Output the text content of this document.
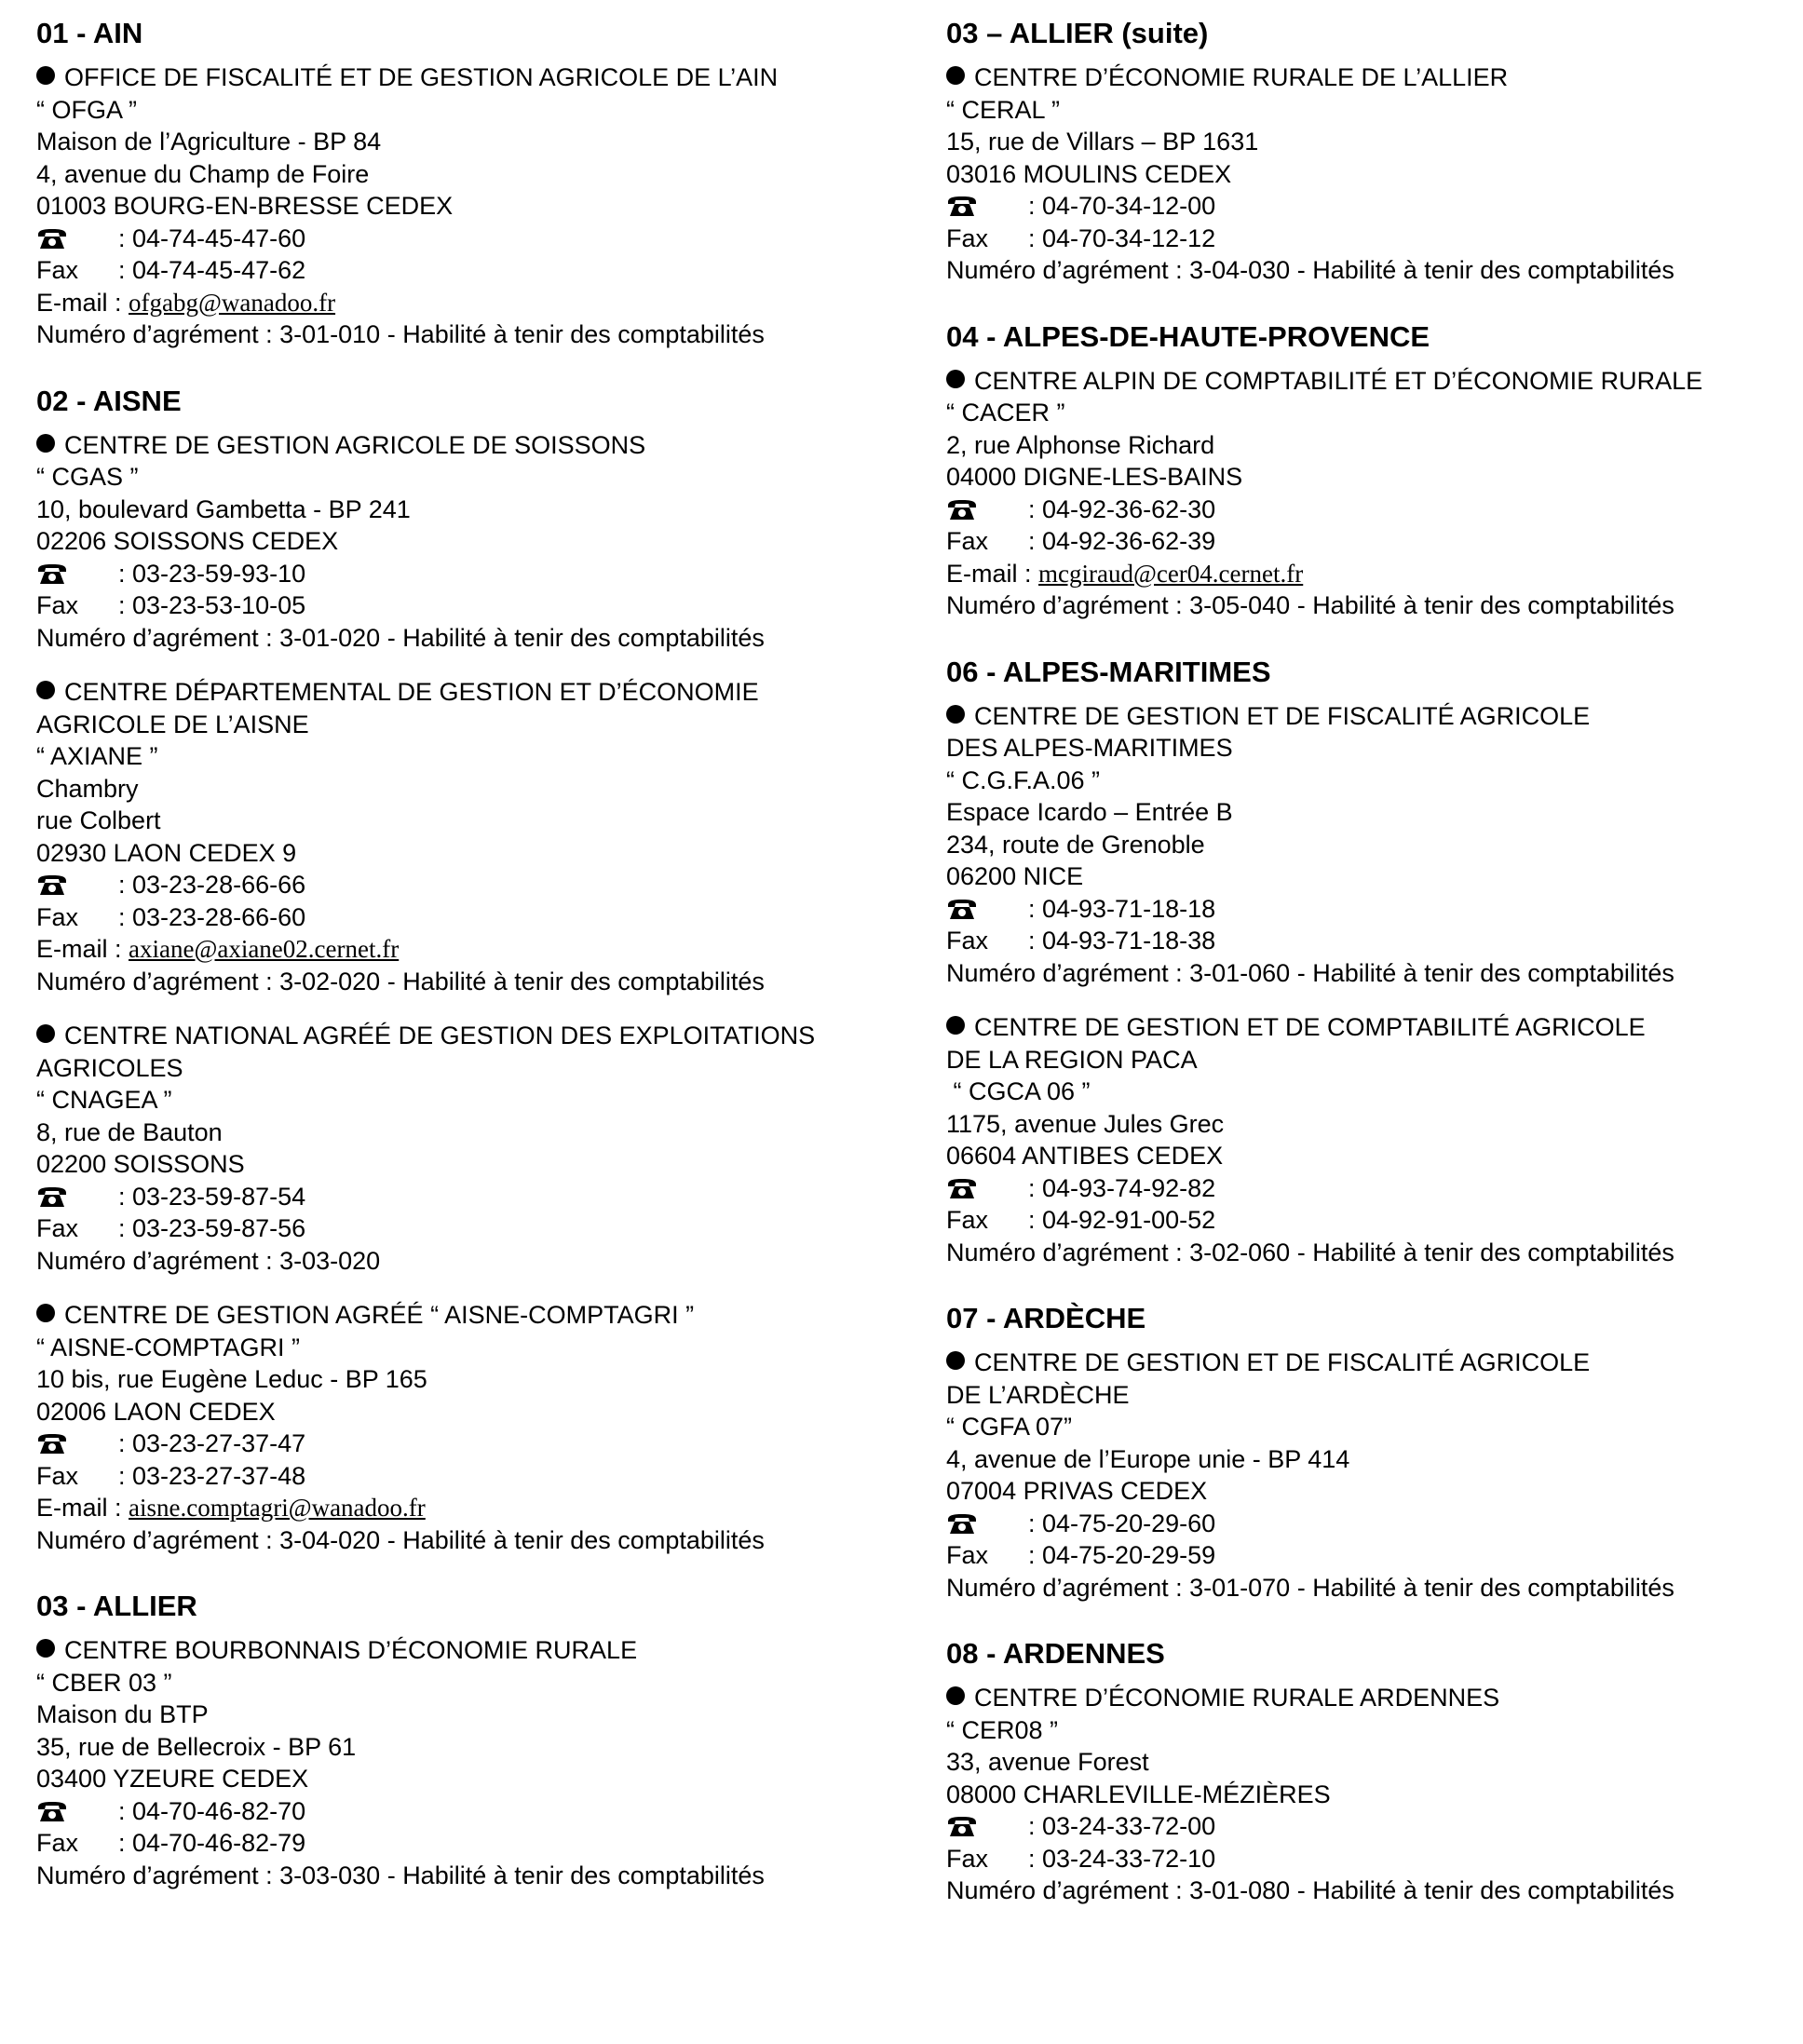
01 - AIN
OFFICE DE FISCALITÉ ET DE GESTION AGRICOLE DE L’AIN
“ OFGA ”
Maison de l’Agriculture - BP 84
4, avenue du Champ de Foire
01003 BOURG-EN-BRESSE CEDEX
: 04-74-45-47-60
Fax : 04-74-45-47-62
E-mail : ofgabg@wanadoo.fr
Numéro d’agrément : 3-01-010 - Habilité à tenir des comptabilités
02 - AISNE
CENTRE DE GESTION AGRICOLE DE SOISSONS
“ CGAS ”
10, boulevard Gambetta - BP 241
02206 SOISSONS CEDEX
: 03-23-59-93-10
Fax : 03-23-53-10-05
Numéro d’agrément : 3-01-020 - Habilité à tenir des comptabilités
CENTRE DÉPARTEMENTAL DE GESTION ET D’ÉCONOMIE
AGRICOLE DE L’AISNE
“ AXIANE ”
Chambry
rue Colbert
02930 LAON CEDEX 9
: 03-23-28-66-66
Fax : 03-23-28-66-60
E-mail : axiane@axiane02.cernet.fr
Numéro d’agrément : 3-02-020 - Habilité à tenir des comptabilités
CENTRE NATIONAL AGRÉÉ DE GESTION DES EXPLOITATIONS
AGRICOLES
“ CNAGEA ”
8, rue de Bauton
02200 SOISSONS
: 03-23-59-87-54
Fax : 03-23-59-87-56
Numéro d’agrément : 3-03-020
CENTRE DE GESTION AGRÉÉ “ AISNE-COMPTAGRI ”
“ AISNE-COMPTAGRI ”
10 bis, rue Eugène Leduc - BP 165
02006 LAON CEDEX
: 03-23-27-37-47
Fax : 03-23-27-37-48
E-mail : aisne.comptagri@wanadoo.fr
Numéro d’agrément : 3-04-020 - Habilité à tenir des comptabilités
03 - ALLIER
CENTRE BOURBONNAIS D’ÉCONOMIE RURALE
“ CBER 03 ”
Maison du BTP
35, rue de Bellecroix - BP 61
03400 YZEURE CEDEX
: 04-70-46-82-70
Fax : 04-70-46-82-79
Numéro d’agrément : 3-03-030 - Habilité à tenir des comptabilités
03 – ALLIER (suite)
CENTRE D’ÉCONOMIE RURALE DE L’ALLIER
“ CERAL ”
15, rue de Villars – BP 1631
03016 MOULINS CEDEX
: 04-70-34-12-00
Fax : 04-70-34-12-12
Numéro d’agrément : 3-04-030 - Habilité à tenir des comptabilités
04 - ALPES-DE-HAUTE-PROVENCE
CENTRE ALPIN DE COMPTABILITÉ ET D’ÉCONOMIE RURALE
“ CACER ”
2, rue Alphonse Richard
04000 DIGNE-LES-BAINS
: 04-92-36-62-30
Fax : 04-92-36-62-39
E-mail : mcgiraud@cer04.cernet.fr
Numéro d’agrément : 3-05-040 - Habilité à tenir des comptabilités
06 - ALPES-MARITIMES
CENTRE DE GESTION ET DE FISCALITÉ AGRICOLE
DES ALPES-MARITIMES
“ C.G.F.A.06 ”
Espace Icardo – Entrée B
234, route de Grenoble
06200 NICE
: 04-93-71-18-18
Fax : 04-93-71-18-38
Numéro d’agrément : 3-01-060 - Habilité à tenir des comptabilités
CENTRE DE GESTION ET DE COMPTABILITÉ AGRICOLE
DE LA REGION PACA
“ CGCA 06 ”
1175, avenue Jules Grec
06604 ANTIBES CEDEX
: 04-93-74-92-82
Fax : 04-92-91-00-52
Numéro d’agrément : 3-02-060 - Habilité à tenir des comptabilités
07 - ARDÈCHE
CENTRE DE GESTION ET DE FISCALITÉ AGRICOLE
DE L’ARDÈCHE
“ CGFA 07”
4, avenue de l’Europe unie - BP 414
07004 PRIVAS CEDEX
: 04-75-20-29-60
Fax : 04-75-20-29-59
Numéro d’agrément : 3-01-070 - Habilité à tenir des comptabilités
08 - ARDENNES
CENTRE D’ÉCONOMIE RURALE ARDENNES
“ CER08 ”
33, avenue Forest
08000 CHARLEVILLE-MÉZIÈRES
: 03-24-33-72-00
Fax : 03-24-33-72-10
Numéro d’agrément : 3-01-080 - Habilité à tenir des comptabilités
